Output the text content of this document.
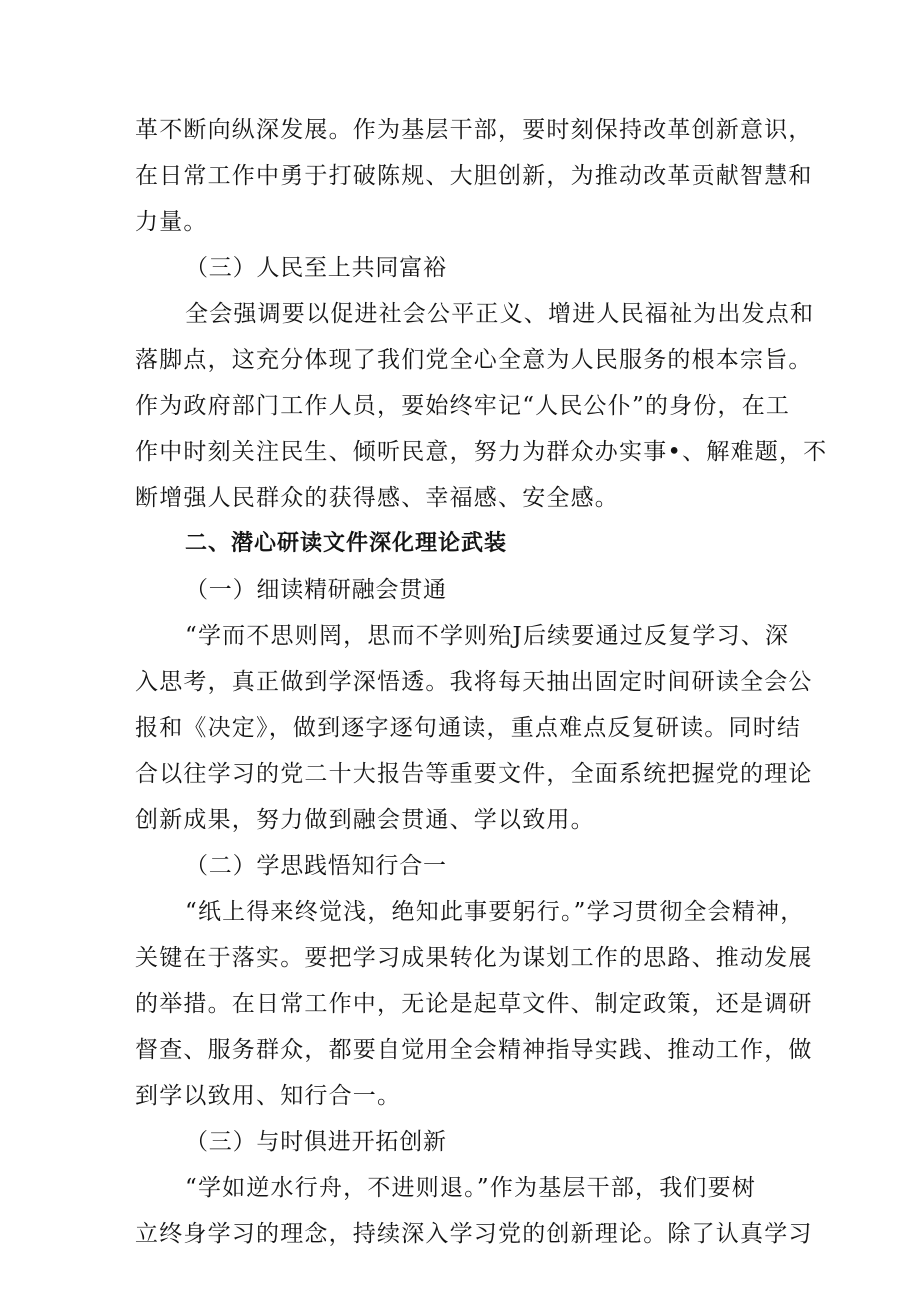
革不断向纵深发展。作为基层干部，要时刻保持改革创新意识，
在日常工作中勇于打破陈规、大胆创新，为推动改革贡献智慧和
力量。
（三）人民至上共同富裕
全会强调要以促进社会公平正义、增进人民福祉为出发点和
落脚点，这充分体现了我们党全心全意为人民服务的根本宗旨。
作为政府部门工作人员，要始终牢记“人民公仆”的身份，在工
作中时刻关注民生、倾听民意，努力为群众办实事•、解难题，不
断增强人民群众的获得感、幸福感、安全感。
二、潜心研读文件深化理论武装
（一）细读精研融会贯通
“学而不思则罔，思而不学则殆J后续要通过反复学习、深
入思考，真正做到学深悟透。我将每天抽出固定时间研读全会公
报和《决定》，做到逐字逐句通读，重点难点反复研读。同时结
合以往学习的党二十大报告等重要文件，全面系统把握党的理论
创新成果，努力做到融会贯通、学以致用。
（二）学思践悟知行合一
“纸上得来终觉浅，绝知此事要躬行。”学习贯彻全会精神，
关键在于落实。要把学习成果转化为谋划工作的思路、推动发展
的举措。在日常工作中，无论是起草文件、制定政策，还是调研
督查、服务群众，都要自觉用全会精神指导实践、推动工作，做
到学以致用、知行合一。
（三）与时俱进开拓创新
“学如逆水行舟，不进则退。”作为基层干部，我们要树
立终身学习的理念，持续深入学习党的创新理论。除了认真学习
